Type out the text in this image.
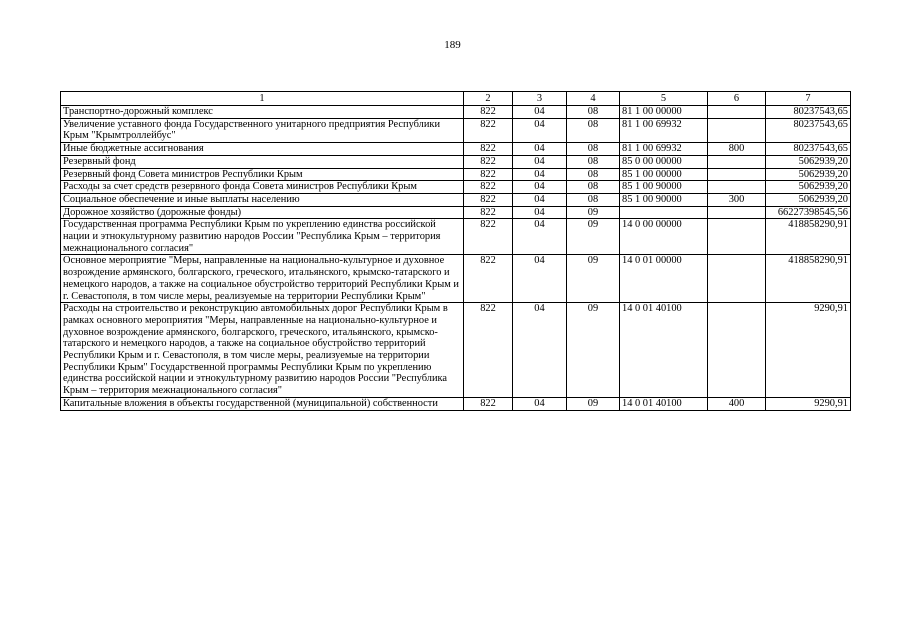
189
1	2	3	4	5	6	7
Транспортно-дорожный комплекс	822	04	08	81 1 00 00000		80237543,65
Увеличение уставного фонда Государственного унитарного предприятия Республики Крым "Крымтроллейбус"	822	04	08	81 1 00 69932		80237543,65
Иные бюджетные ассигнования	822	04	08	81 1 00 69932	800	80237543,65
Резервный фонд	822	04	08	85 0 00 00000		5062939,20
Резервный фонд Совета министров Республики Крым	822	04	08	85 1 00 00000		5062939,20
Расходы за счет средств резервного фонда Совета министров Республики Крым	822	04	08	85 1 00 90000		5062939,20
Социальное обеспечение и иные выплаты населению	822	04	08	85 1 00 90000	300	5062939,20
Дорожное хозяйство (дорожные фонды)	822	04	09			66227398545,56
Государственная программа Республики Крым по укреплению единства российской нации и этнокультурному развитию народов России "Республика Крым – территория межнационального согласия"	822	04	09	14 0 00 00000		418858290,91
Основное мероприятие "Меры, направленные на национально-культурное и духовное возрождение армянского, болгарского, греческого, итальянского, крымско-татарского и немецкого народов, а также на социальное обустройство территорий Республики Крым и г. Севастополя, в том числе меры, реализуемые на территории Республики Крым"	822	04	09	14 0 01 00000		418858290,91
Расходы на строительство и реконструкцию автомобильных дорог Республики Крым в рамках основного мероприятия "Меры, направленные на национально-культурное и духовное возрождение армянского, болгарского, греческого, итальянского, крымско-татарского и немецкого народов, а также на социальное обустройство территорий Республики Крым и г. Севастополя, в том числе меры, реализуемые на территории Республики Крым" Государственной программы Республики Крым по укреплению единства российской нации и этнокультурному развитию народов России "Республика Крым – территория межнационального согласия"	822	04	09	14 0 01 40100		9290,91
Капитальные вложения в объекты государственной (муниципальной) собственности	822	04	09	14 0 01 40100	400	9290,91
